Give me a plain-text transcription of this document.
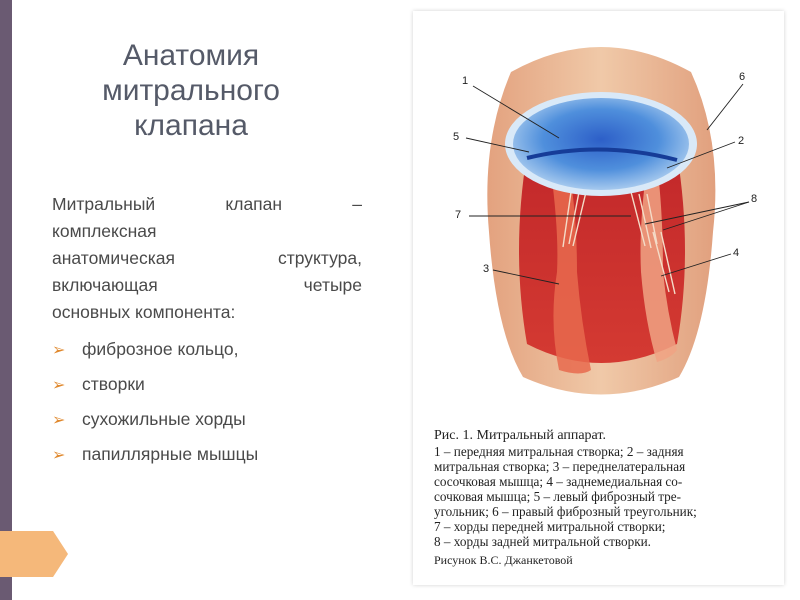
Анатомия
митрального
клапана
Митральный	клапан	–
комплексная
анатомическая	структура,
включающая	четыре
основных компонента:
➢ фиброзное кольцо,
➢ створки
➢ сухожильные хорды
➢ папиллярные мышцы
1
2
3
4
5
6
7
8
Рис. 1. Митральный аппарат.
1 – передняя митральная створка; 2 – задняя
митральная створка; 3 – переднелатеральная
сосочковая мышца; 4 – заднемедиальная со-
сочковая мышца; 5 – левый фиброзный тре-
угольник; 6 – правый фиброзный треугольник;
7 – хорды передней митральной створки;
8 – хорды задней митральной створки.
Рисунок В.С. Джанкетовой
